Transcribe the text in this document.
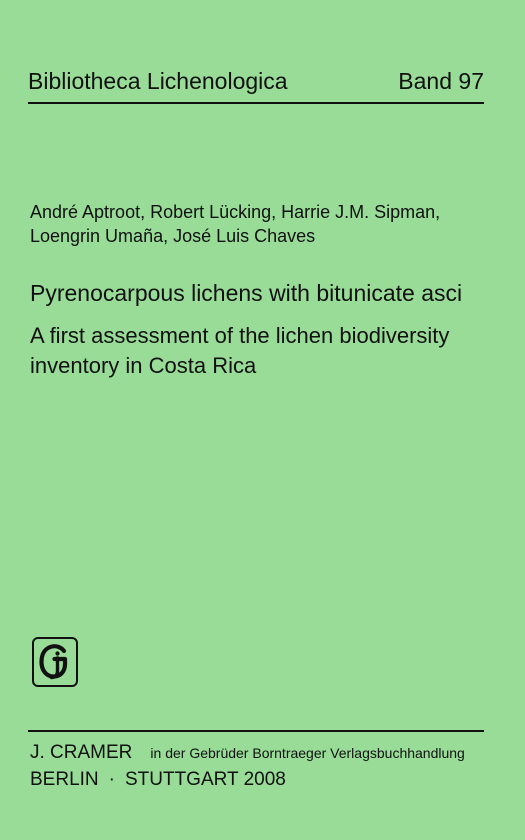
Bibliotheca Lichenologica	Band 97
André Aptroot, Robert Lücking, Harrie J.M. Sipman,
Loengrin Umaña, José Luis Chaves
Pyrenocarpous lichens with bitunicate asci
A first assessment of the lichen biodiversity
inventory in Costa Rica
J. CRAMER in der Gebrüder Borntraeger Verlagsbuchhandlung
BERLIN · STUTTGART 2008
